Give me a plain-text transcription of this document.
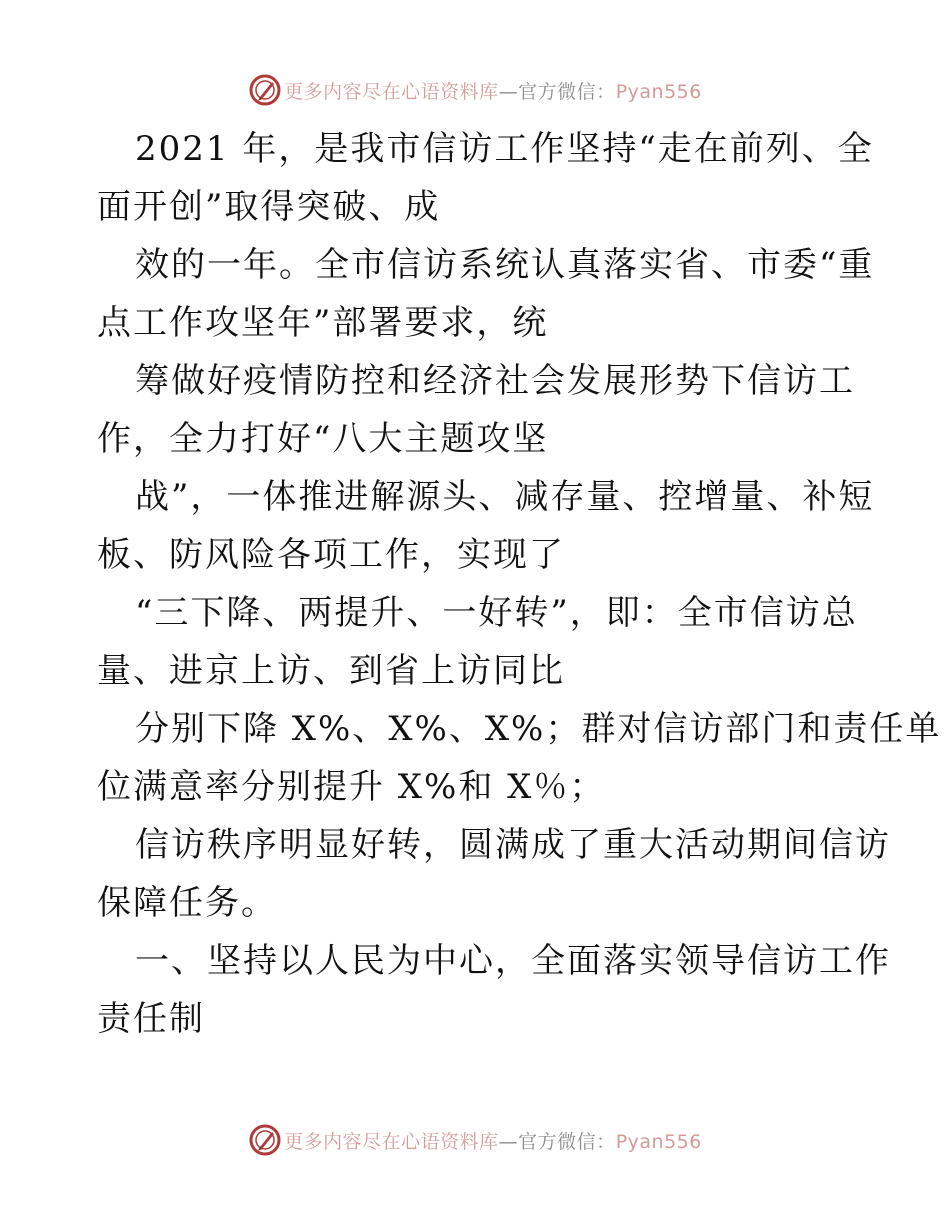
更多内容尽在心语资料库—官方微信：Pyan556
2021 年，是我市信访工作坚持“走在前列、全
面开创”取得突破、成
效的一年。全市信访系统认真落实省、市委“重
点工作攻坚年”部署要求，统
筹做好疫情防控和经济社会发展形势下信访工
作，全力打好“八大主题攻坚
战”，一体推进解源头、减存量、控增量、补短
板、防风险各项工作，实现了
“三下降、两提升、一好转”，即：全市信访总
量、进京上访、到省上访同比
分别下降 X%、X%、X%；群对信访部门和责任单
位满意率分别提升 X%和 X％；
信访秩序明显好转，圆满成了重大活动期间信访
保障任务。
一、坚持以人民为中心，全面落实领导信访工作
责任制
更多内容尽在心语资料库—官方微信：Pyan556
